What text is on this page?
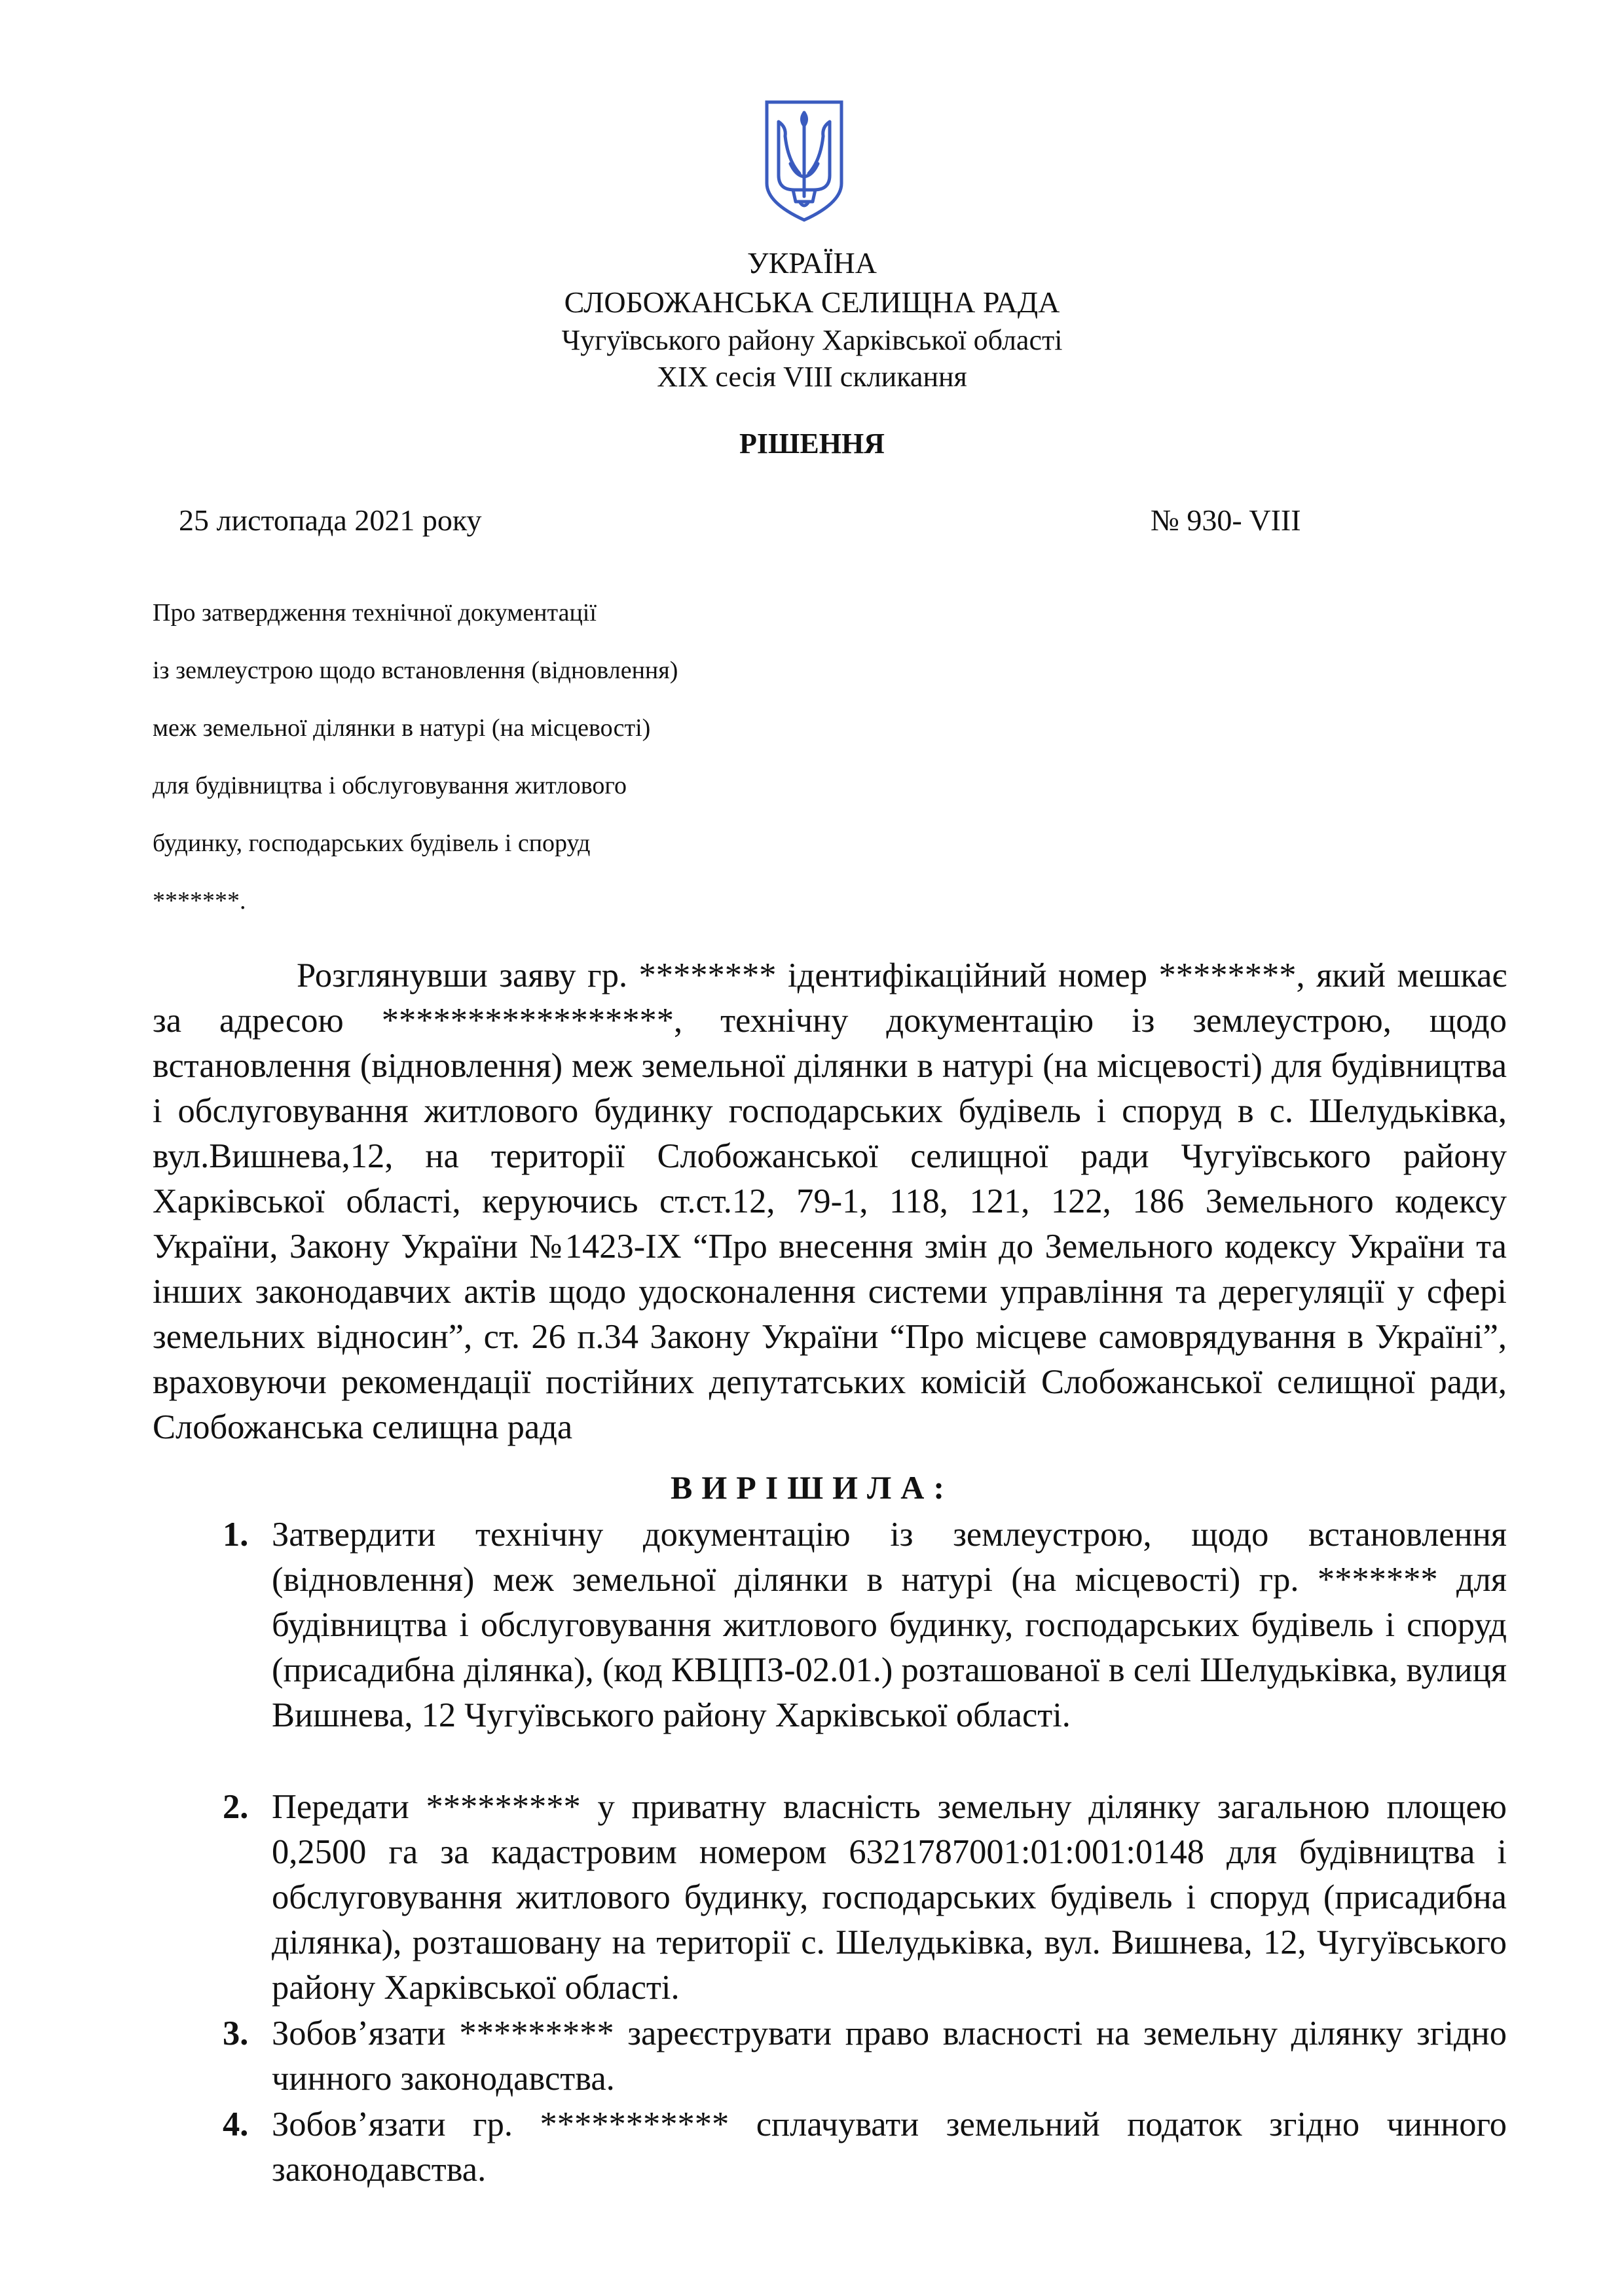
УКРАЇНА
СЛОБОЖАНСЬКА СЕЛИЩНА РАДА
Чугуївського району Харківської області
XIX сесія VIII скликання
РІШЕННЯ
25 листопада 2021 року	№ 930- VIII
Про затвердження технічної документації
із землеустрою щодо встановлення (відновлення)
меж земельної ділянки в натурі (на місцевості)
для будівництва і обслуговування житлового
будинку, господарських будівель і споруд
*******.

Розглянувши заяву гр. ******** ідентифікаційний номер ********, який мешкає за адресою *****************, технічну документацію із землеустрою, щодо встановлення (відновлення) меж земельної ділянки в натурі (на місцевості) для будівництва і обслуговування житлового будинку господарських будівель і споруд в с. Шелудьківка, вул.Вишнева,12, на території Слобожанської селищної ради Чугуївського району Харківської області, керуючись ст.ст.12, 79-1, 118, 121, 122, 186 Земельного кодексу України, Закону України №1423-IX “Про внесення змін до Земельного кодексу України та інших законодавчих актів щодо удосконалення системи управління та дерегуляції у сфері земельних відносин”, ст. 26 п.34 Закону України “Про місцеве самоврядування в Україні”, враховуючи рекомендації постійних депутатських комісій Слобожанської селищної ради, Слобожанська селищна рада

ВИРІШИЛА:
1. Затвердити технічну документацію із землеустрою, щодо встановлення (відновлення) меж земельної ділянки в натурі (на місцевості) гр. ******* для будівництва і обслуговування житлового будинку, господарських будівель і споруд (присадибна ділянка), (код КВЦПЗ-02.01.) розташованої в селі Шелудьківка, вулиця Вишнева, 12 Чугуївського району Харківської області.

2. Передати ********* у приватну власність земельну ділянку загальною площею 0,2500 га за кадастровим номером 6321787001:01:001:0148 для будівництва і обслуговування житлового будинку, господарських будівель і споруд (присадибна ділянка), розташовану на території с. Шелудьківка, вул. Вишнева, 12, Чугуївського району Харківської області.

3. Зобов’язати ********* зареєструвати право власності на земельну ділянку згідно чинного законодавства.

4. Зобов’язати гр. *********** сплачувати земельний податок згідно чинного законодавства.
